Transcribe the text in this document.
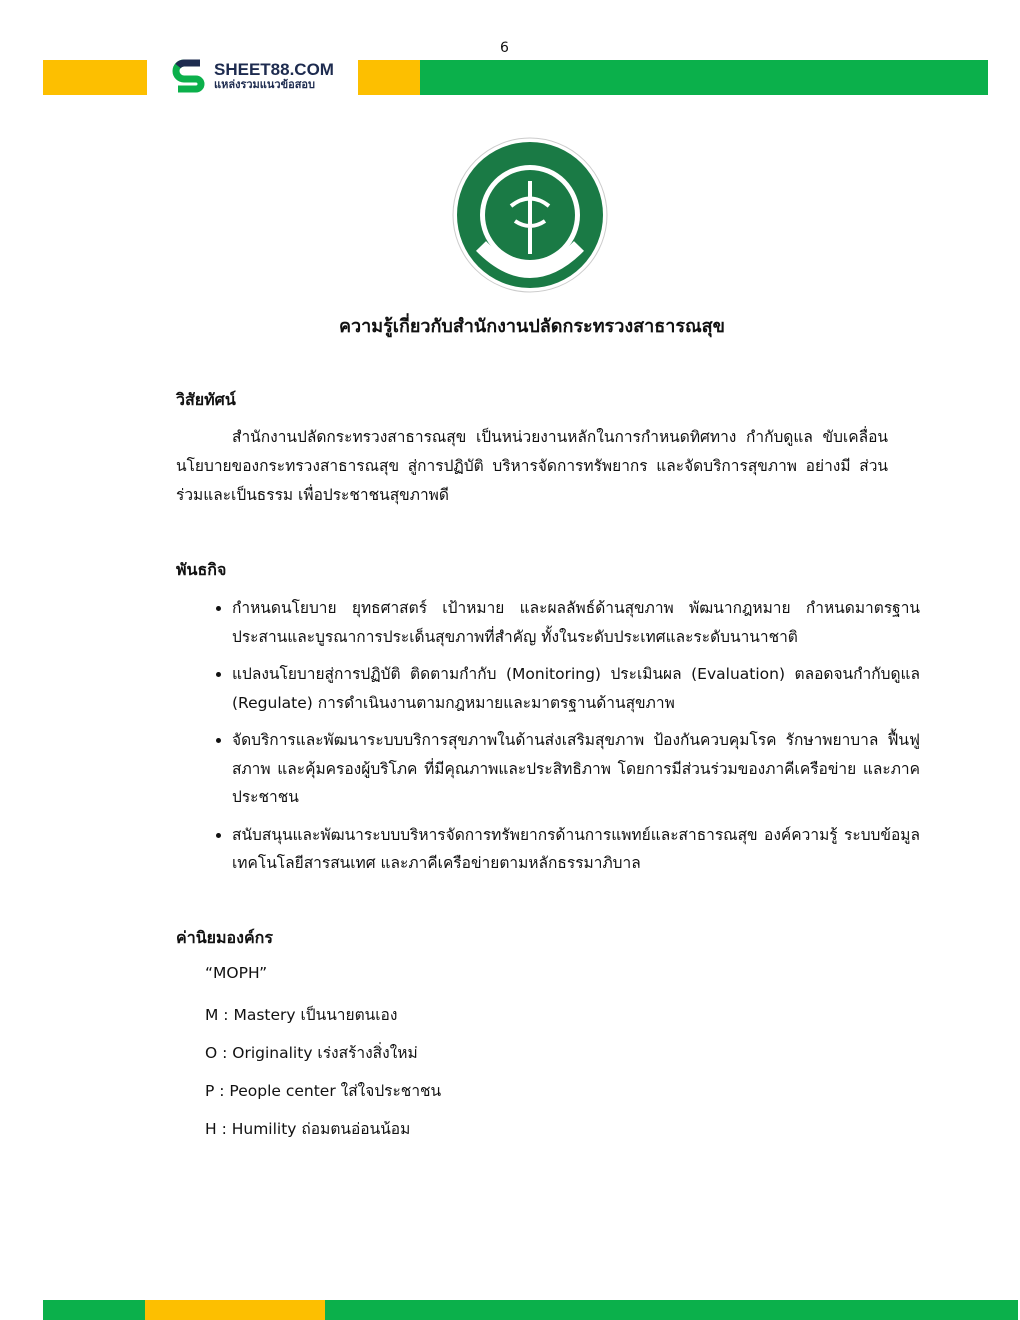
6
SHEET88.COM
แหล่งรวมแนวข้อสอบ
ความรู้เกี่ยวกับสำนักงานปลัดกระทรวงสาธารณสุข
วิสัยทัศน์
สำนักงานปลัดกระทรวงสาธารณสุข เป็นหน่วยงานหลักในการกำหนดทิศทาง กำกับดูแล ขับเคลื่อนนโยบายของกระทรวงสาธารณสุข สู่การปฏิบัติ บริหารจัดการทรัพยากร และจัดบริการสุขภาพ อย่างมี ส่วนร่วมและเป็นธรรม เพื่อประชาชนสุขภาพดี
พันธกิจ
• กำหนดนโยบาย ยุทธศาสตร์ เป้าหมาย และผลลัพธ์ด้านสุขภาพ พัฒนากฎหมาย กำหนดมาตรฐาน ประสานและบูรณาการประเด็นสุขภาพที่สำคัญ ทั้งในระดับประเทศและระดับนานาชาติ
• แปลงนโยบายสู่การปฏิบัติ ติดตามกำกับ (Monitoring) ประเมินผล (Evaluation) ตลอดจนกำกับดูแล (Regulate) การดำเนินงานตามกฎหมายและมาตรฐานด้านสุขภาพ
• จัดบริการและพัฒนาระบบบริการสุขภาพในด้านส่งเสริมสุขภาพ ป้องกันควบคุมโรค รักษาพยาบาล ฟื้นฟูสภาพ และคุ้มครองผู้บริโภค ที่มีคุณภาพและประสิทธิภาพ โดยการมีส่วนร่วมของภาคีเครือข่าย และภาคประชาชน
• สนับสนุนและพัฒนาระบบบริหารจัดการทรัพยากรด้านการแพทย์และสาธารณสุข องค์ความรู้ ระบบข้อมูล เทคโนโลยีสารสนเทศ และภาคีเครือข่ายตามหลักธรรมาภิบาล
ค่านิยมองค์กร
“MOPH”
M : Mastery เป็นนายตนเอง
O : Originality เร่งสร้างสิ่งใหม่
P : People center ใส่ใจประชาชน
H : Humility ถ่อมตนอ่อนน้อม
